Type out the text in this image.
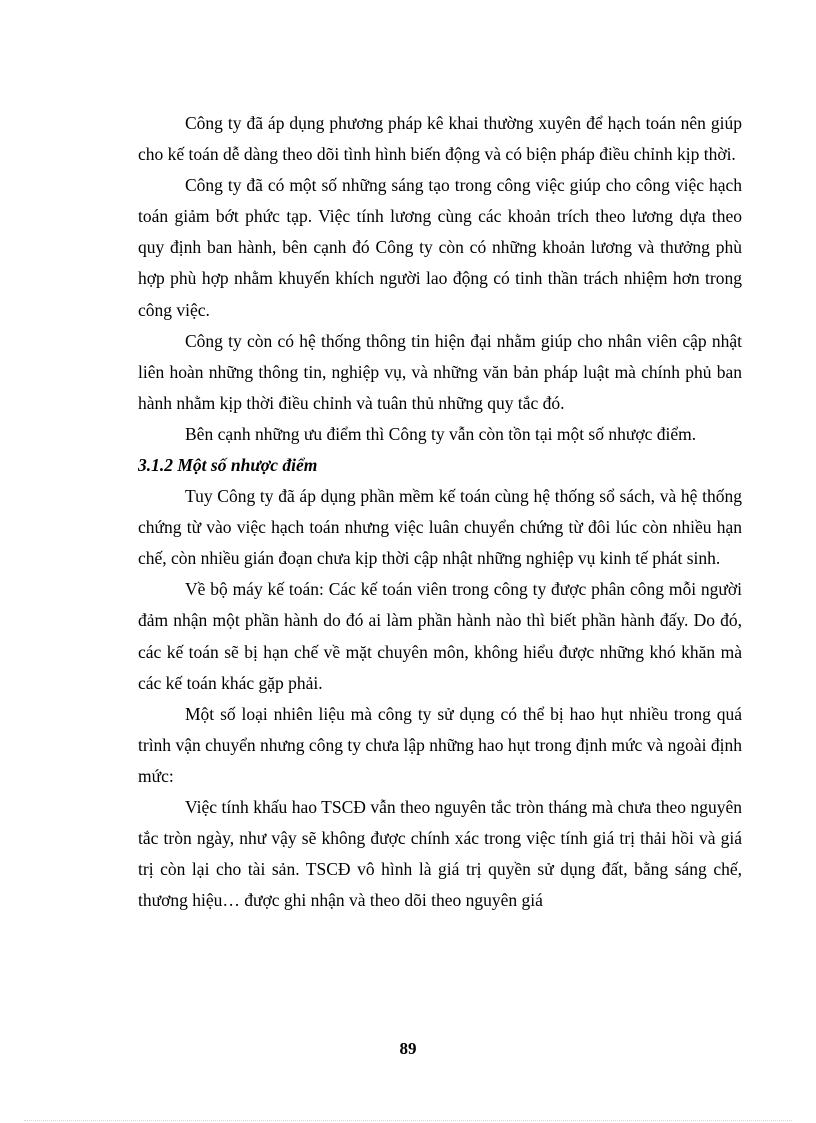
Công ty đã áp dụng phương pháp kê khai thường xuyên để hạch toán nên giúp cho kế toán dễ dàng theo dõi tình hình biến động và có biện pháp điều chỉnh kịp thời.

Công ty đã có một số những sáng tạo trong công việc giúp cho công việc hạch toán giảm bớt phức tạp. Việc tính lương cùng các khoản trích theo lương dựa theo quy định ban hành, bên cạnh đó Công ty còn có những khoản lương và thưởng phù hợp phù hợp nhằm khuyến khích người lao động có tinh thần trách nhiệm hơn trong công việc.

Công ty còn có hệ thống thông tin hiện đại nhằm giúp cho nhân viên cập nhật liên hoàn những thông tin, nghiệp vụ, và những văn bản pháp luật mà chính phủ ban hành nhằm kịp thời điều chỉnh và tuân thủ những quy tắc đó.

Bên cạnh những ưu điểm thì Công ty vẫn còn tồn tại một số nhược điểm.

3.1.2 Một số nhược điểm

Tuy Công ty đã áp dụng phần mềm kế toán cùng hệ thống sổ sách, và hệ thống chứng từ vào việc hạch toán nhưng việc luân chuyển chứng từ đôi lúc còn nhiều hạn chế, còn nhiều gián đoạn chưa kịp thời cập nhật những nghiệp vụ kinh tế phát sinh.

Về bộ máy kế toán: Các kế toán viên trong công ty được phân công mỗi người đảm nhận một phần hành do đó ai làm phần hành nào thì biết phần hành đấy. Do đó, các kế toán sẽ bị hạn chế về mặt chuyên môn, không hiểu được những khó khăn mà các kế toán khác gặp phải.

Một số loại nhiên liệu mà công ty sử dụng có thể bị hao hụt nhiều trong quá trình vận chuyển nhưng công ty chưa lập những hao hụt trong định mức và ngoài định mức:

Việc tính khấu hao TSCĐ vẫn theo nguyên tắc tròn tháng mà chưa theo nguyên tắc tròn ngày, như vậy sẽ không được chính xác trong việc tính giá trị thải hồi và giá trị còn lại cho tài sản. TSCĐ vô hình là giá trị quyền sử dụng đất, bằng sáng chế, thương hiệu… được ghi nhận và theo dõi theo nguyên giá

89
